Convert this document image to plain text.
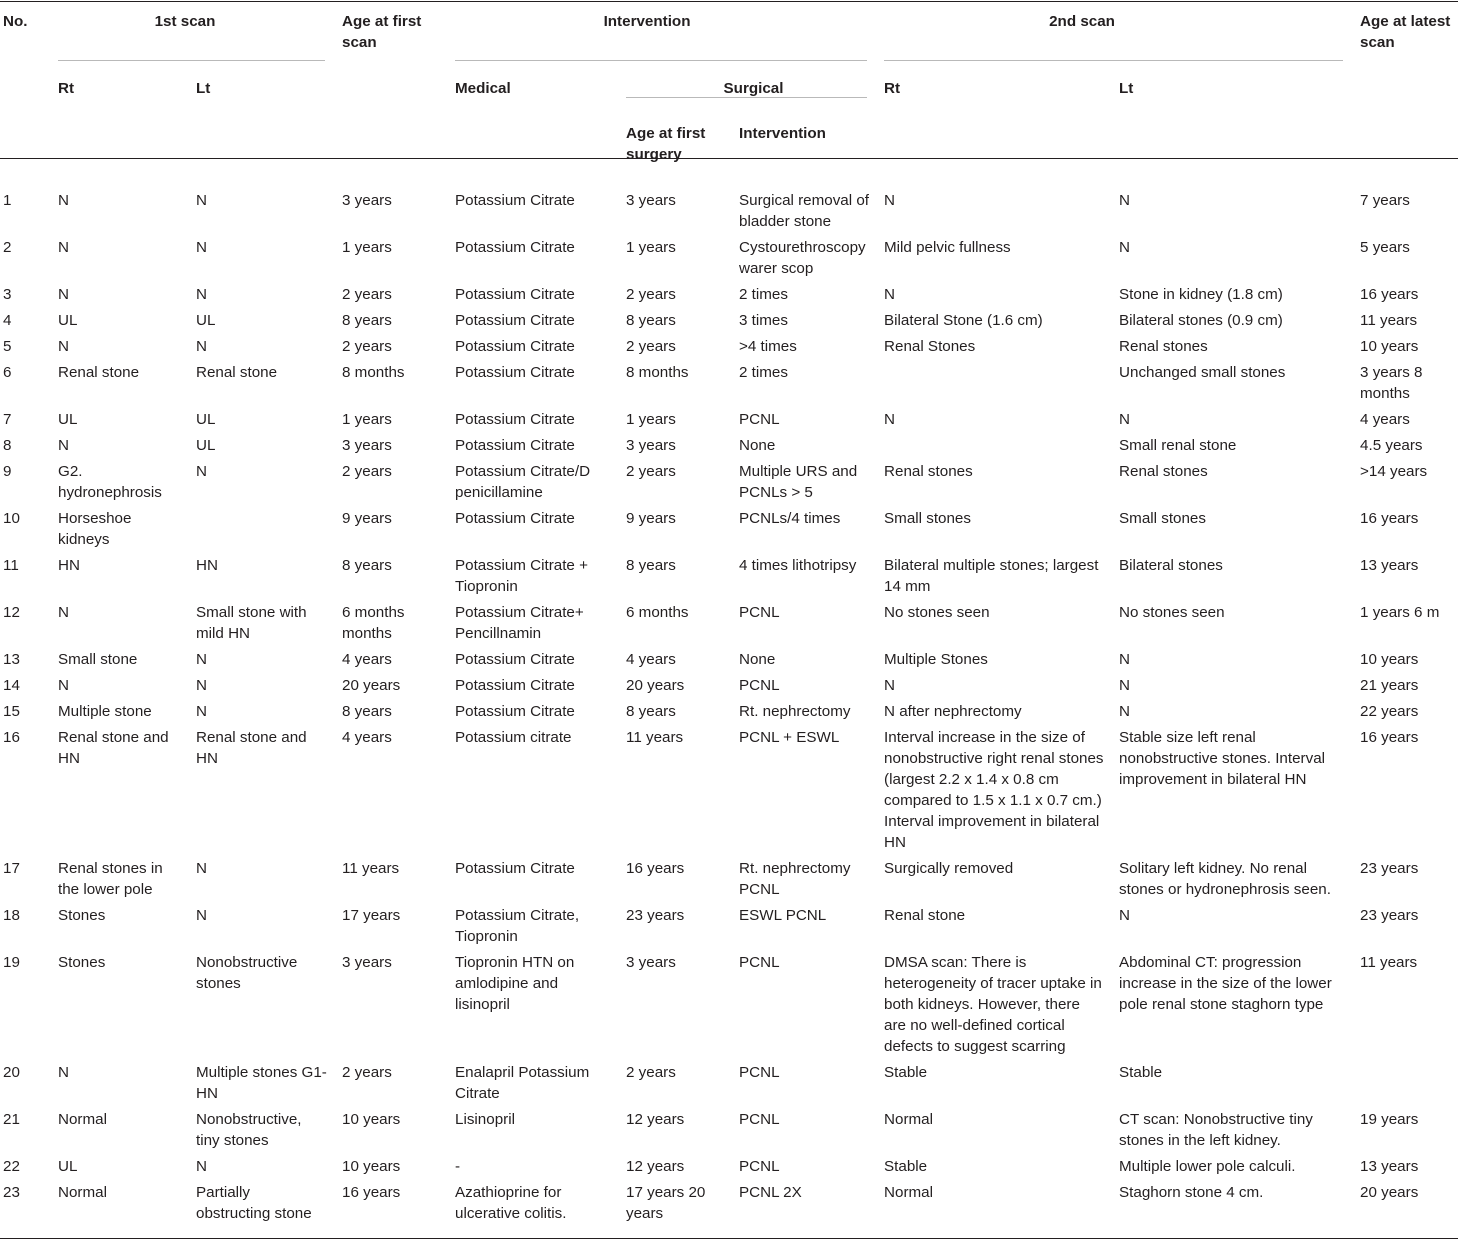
No.	1st scan		Age at first scan	Intervention			2nd scan		Age at latest scan
	Rt	Lt		Medical	Surgical		Rt	Lt	
					Age at first surgery	Intervention			
1	N	N	3 years	Potassium Citrate	3 years	Surgical removal of bladder stone	N	N	7 years
2	N	N	1 years	Potassium Citrate	1 years	Cystourethroscopy warer scop	Mild pelvic fullness	N	5 years
3	N	N	2 years	Potassium Citrate	2 years	2 times	N	Stone in kidney (1.8 cm)	16 years
4	UL	UL	8 years	Potassium Citrate	8 years	3 times	Bilateral Stone (1.6 cm)	Bilateral stones (0.9 cm)	11 years
5	N	N	2 years	Potassium Citrate	2 years	>4 times	Renal Stones	Renal stones	10 years
6	Renal stone	Renal stone	8 months	Potassium Citrate	8 months	2 times		Unchanged small stones	3 years 8 months
7	UL	UL	1 years	Potassium Citrate	1 years	PCNL	N	N	4 years
8	N	UL	3 years	Potassium Citrate	3 years	None		Small renal stone	4.5 years
9	G2. hydronephrosis	N	2 years	Potassium Citrate/D penicillamine	2 years	Multiple URS and PCNLs > 5	Renal stones	Renal stones	>14 years
10	Horseshoe kidneys		9 years	Potassium Citrate	9 years	PCNLs/4 times	Small stones	Small stones	16 years
11	HN	HN	8 years	Potassium Citrate + Tiopronin	8 years	4 times lithotripsy	Bilateral multiple stones; largest 14 mm	Bilateral stones	13 years
12	N	Small stone with mild HN	6 months months	Potassium Citrate+ Pencillnamin	6 months	PCNL	No stones seen	No stones seen	1 years 6 m
13	Small stone	N	4 years	Potassium Citrate	4 years	None	Multiple Stones	N	10 years
14	N	N	20 years	Potassium Citrate	20 years	PCNL	N	N	21 years
15	Multiple stone	N	8 years	Potassium Citrate	8 years	Rt. nephrectomy	N after nephrectomy	N	22 years
16	Renal stone and HN	Renal stone and HN	4 years	Potassium citrate	11 years	PCNL + ESWL	Interval increase in the size of nonobstructive right renal stones (largest 2.2 x 1.4 x 0.8 cm compared to 1.5 x 1.1 x 0.7 cm.) Interval improvement in bilateral HN	Stable size left renal nonobstructive stones. Interval improvement in bilateral HN	16 years
17	Renal stones in the lower pole	N	11 years	Potassium Citrate	16 years	Rt. nephrectomy PCNL	Surgically removed	Solitary left kidney. No renal stones or hydronephrosis seen.	23 years
18	Stones	N	17 years	Potassium Citrate, Tiopronin	23 years	ESWL PCNL	Renal stone	N	23 years
19	Stones	Nonobstructive stones	3 years	Tiopronin HTN on amlodipine and lisinopril	3 years	PCNL	DMSA scan: There is heterogeneity of tracer uptake in both kidneys. However, there are no well-defined cortical defects to suggest scarring	Abdominal CT: progression increase in the size of the lower pole renal stone staghorn type	11 years
20	N	Multiple stones G1-HN	2 years	Enalapril Potassium Citrate	2 years	PCNL	Stable	Stable	
21	Normal	Nonobstructive, tiny stones	10 years	Lisinopril	12 years	PCNL	Normal	CT scan: Nonobstructive tiny stones in the left kidney.	19 years
22	UL	N	10 years	-	12 years	PCNL	Stable	Multiple lower pole calculi.	13 years
23	Normal	Partially obstructing stone	16 years	Azathioprine for ulcerative colitis.	17 years 20 years	PCNL 2X	Normal	Staghorn stone 4 cm.	20 years
